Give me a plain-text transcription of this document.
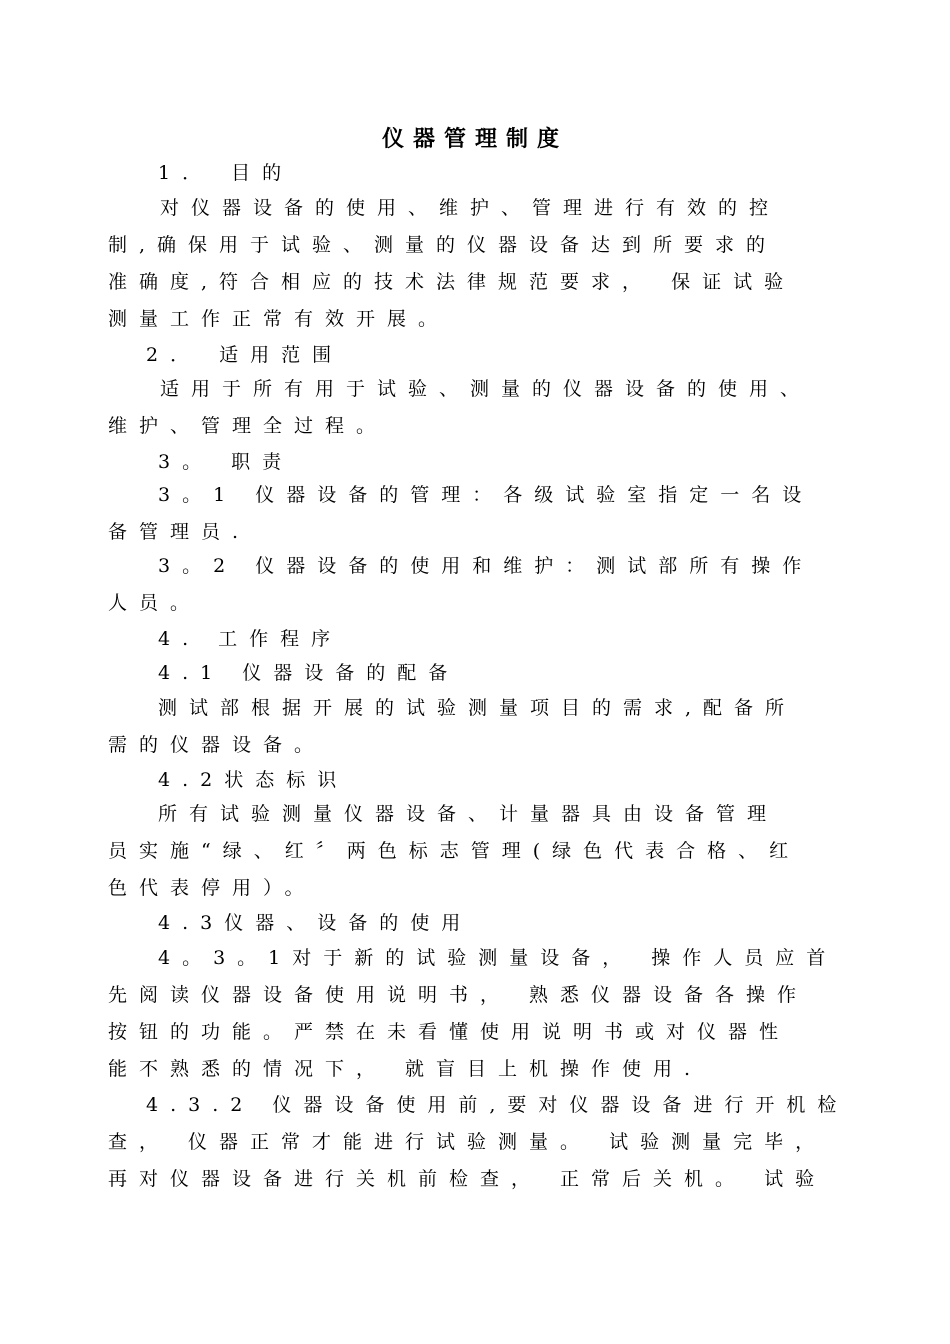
仪器管理制度
1． 目的
对仪器设备的使用、维护、管理进行有效的控
制,确保用于试验、测量的仪器设备达到所要求的
准确度,符合相应的技术法律规范要求， 保证试验
测量工作正常有效开展。
2． 适用范围
适用于所有用于试验、测量的仪器设备的使用、
维护、管理全过程。
3。 职责
3。1 仪器设备的管理：各级试验室指定一名设
备管理员.
3。2 仪器设备的使用和维护：测试部所有操作
人员。
4. 工作程序
4.1 仪器设备的配备
测试部根据开展的试验测量项目的需求,配备所
需的仪器设备。
4.2状态标识
所有试验测量仪器设备、计量器具由设备管理
员实施“绿、红〞两色标志管理(绿色代表合格、红
色代表停用）。
4.3仪器、设备的使用
4。3。1对于新的试验测量设备， 操作人员应首
先阅读仪器设备使用说明书， 熟悉仪器设备各操作
按钮的功能。严禁在未看懂使用说明书或对仪器性
能不熟悉的情况下， 就盲目上机操作使用.
4.3.2 仪器设备使用前,要对仪器设备进行开机检
查， 仪器正常才能进行试验测量。 试验测量完毕，
再对仪器设备进行关机前检查， 正常后关机。 试验
